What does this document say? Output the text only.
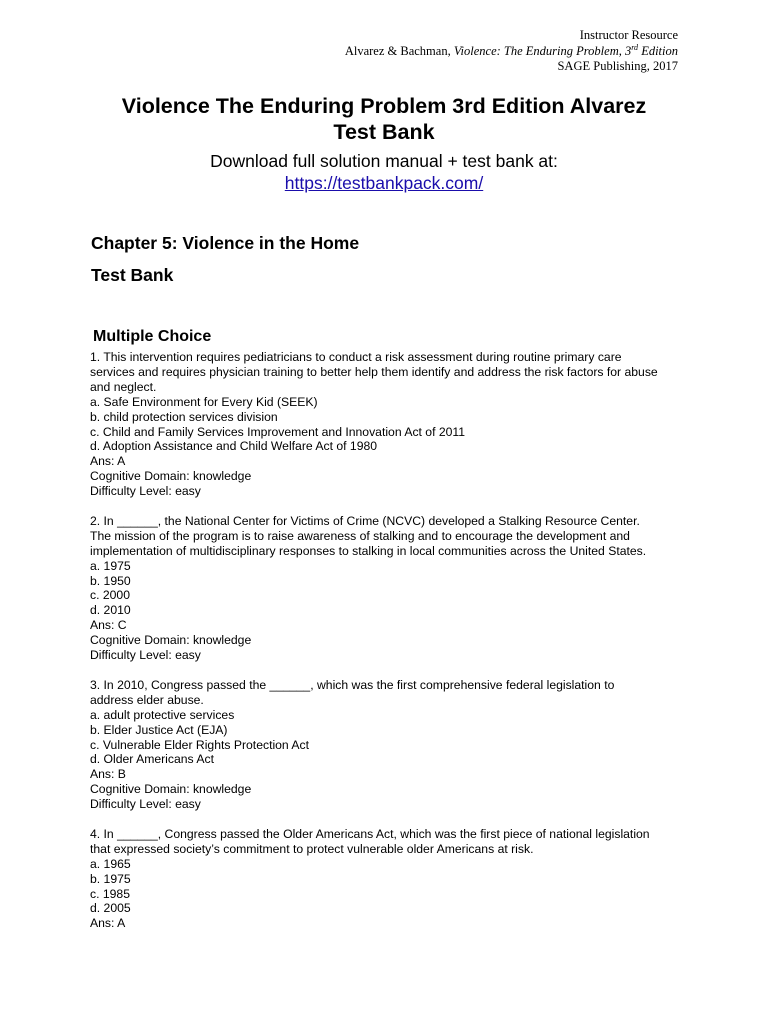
Instructor Resource
Alvarez & Bachman, Violence: The Enduring Problem, 3rd Edition
SAGE Publishing, 2017
Violence The Enduring Problem 3rd Edition Alvarez
Test Bank
Download full solution manual + test bank at:
https://testbankpack.com/
Chapter 5: Violence in the Home
Test Bank
Multiple Choice
1. This intervention requires pediatricians to conduct a risk assessment during routine primary care
services and requires physician training to better help them identify and address the risk factors for abuse
and neglect.
a. Safe Environment for Every Kid (SEEK)
b. child protection services division
c. Child and Family Services Improvement and Innovation Act of 2011
d. Adoption Assistance and Child Welfare Act of 1980
Ans: A
Cognitive Domain: knowledge
Difficulty Level: easy
2. In ______, the National Center for Victims of Crime (NCVC) developed a Stalking Resource Center.
The mission of the program is to raise awareness of stalking and to encourage the development and
implementation of multidisciplinary responses to stalking in local communities across the United States.
a. 1975
b. 1950
c. 2000
d. 2010
Ans: C
Cognitive Domain: knowledge
Difficulty Level: easy
3. In 2010, Congress passed the ______, which was the first comprehensive federal legislation to
address elder abuse.
a. adult protective services
b. Elder Justice Act (EJA)
c. Vulnerable Elder Rights Protection Act
d. Older Americans Act
Ans: B
Cognitive Domain: knowledge
Difficulty Level: easy
4. In ______, Congress passed the Older Americans Act, which was the first piece of national legislation
that expressed society’s commitment to protect vulnerable older Americans at risk.
a. 1965
b. 1975
c. 1985
d. 2005
Ans: A
